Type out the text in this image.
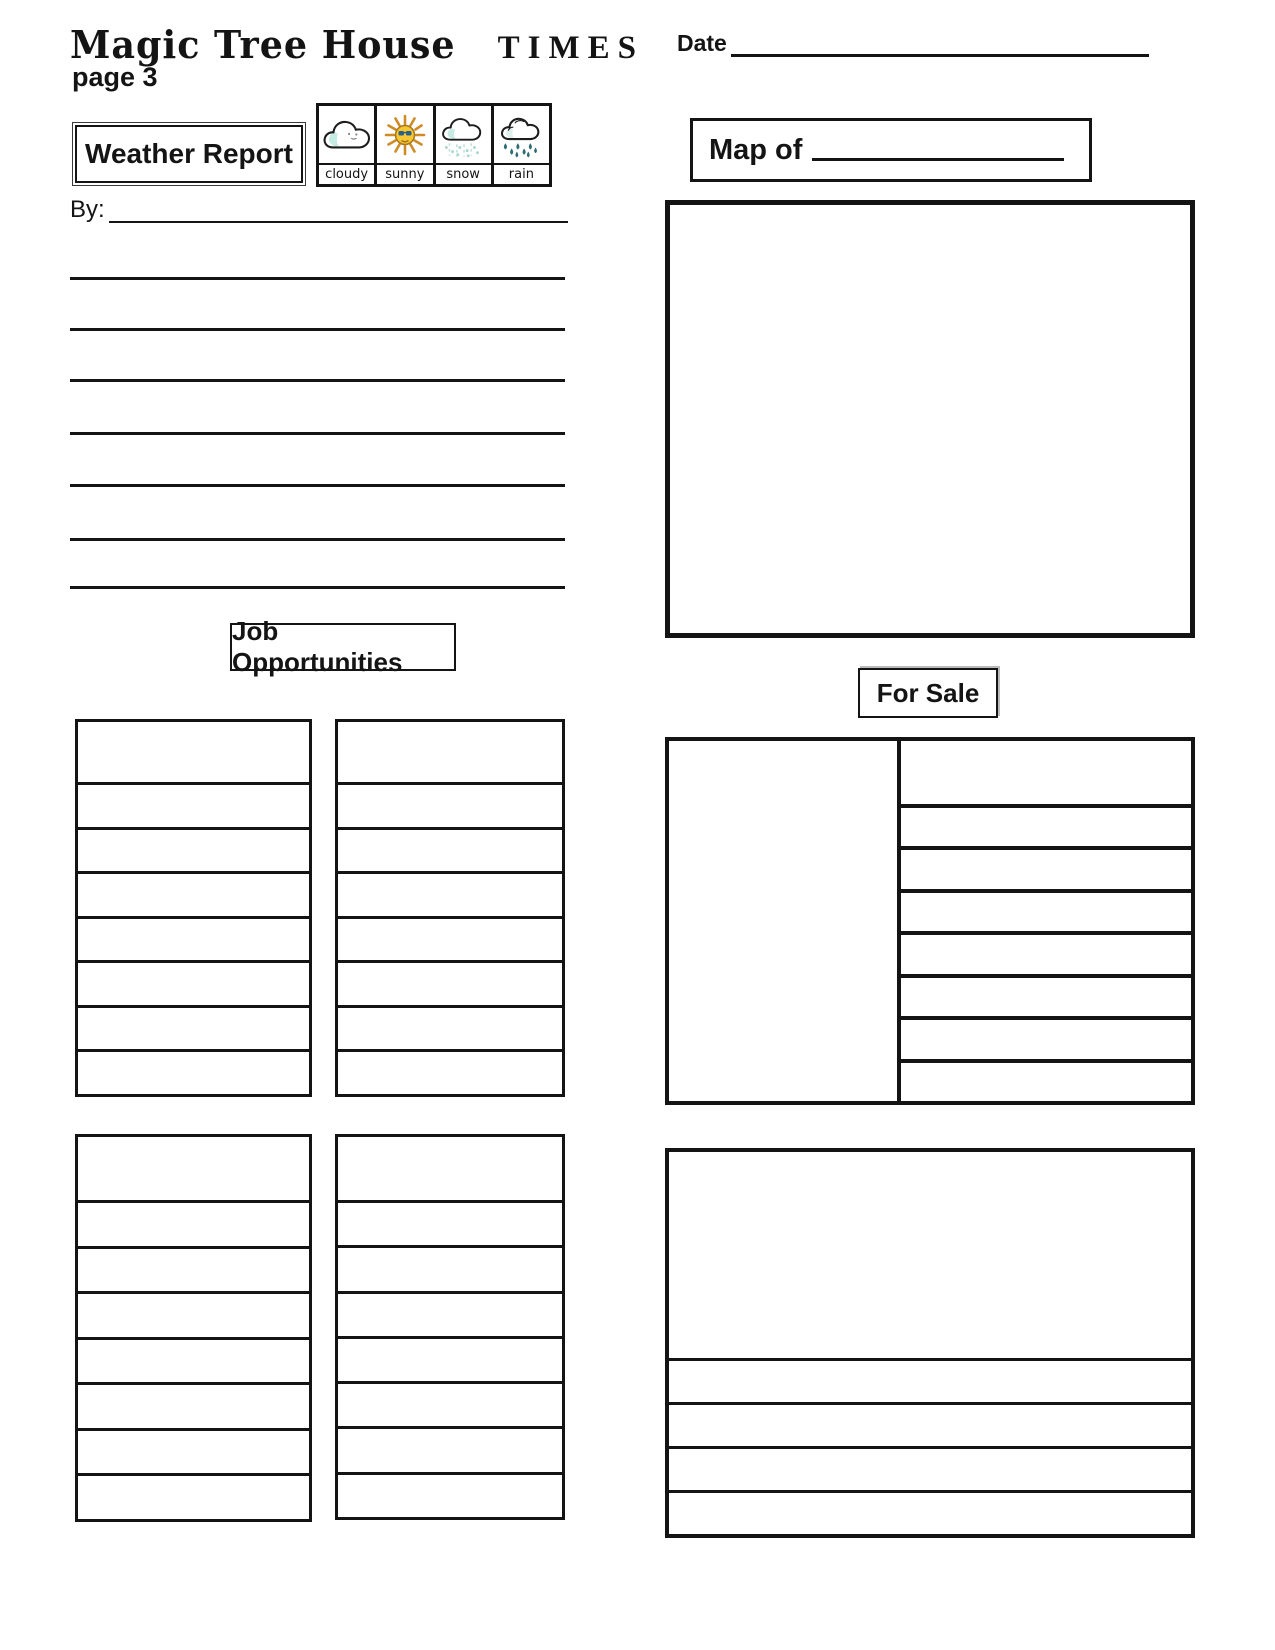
Magic Tree House TIMES
page 3
Date
Weather Report
cloudy	sunny	snow	rain
By:
Map of
Job Opportunities
For Sale
